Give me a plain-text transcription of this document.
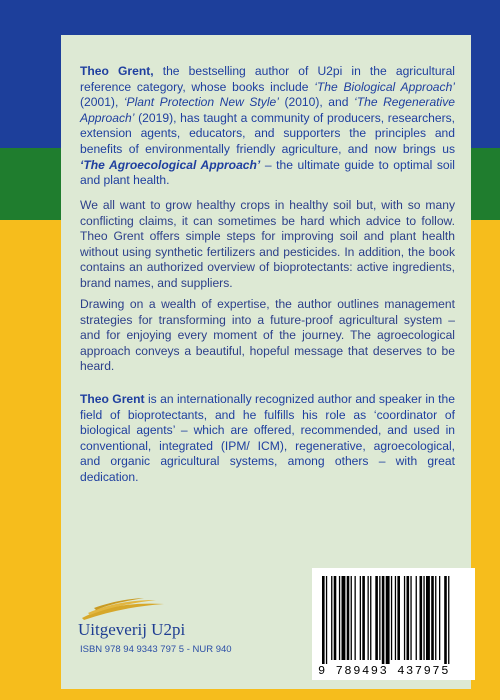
Theo Grent, the bestselling author of U2pi in the agricultural reference category, whose books include ‘The Biological Approach’ (2001), ‘Plant Protection New Style’ (2010), and ‘The Regenerative Approach’ (2019), has taught a community of producers, researchers, extension agents, educators, and supporters the principles and benefits of environmentally friendly agriculture, and now brings us ‘The Agroecological Approach’ – the ultimate guide to optimal soil and plant health.

We all want to grow healthy crops in healthy soil but, with so many conflicting claims, it can sometimes be hard which advice to follow. Theo Grent offers simple steps for improving soil and plant health without using synthetic fertilizers and pesticides. In addition, the book contains an authorized overview of bioprotectants: active ingredients, brand names, and suppliers.

Drawing on a wealth of expertise, the author outlines management strategies for transforming into a future-proof agricultural system – and for enjoying every moment of the journey. The agroecological approach conveys a beautiful, hopeful message that deserves to be heard.

Theo Grent is an internationally recognized author and speaker in the field of bioprotectants, and he fulfills his role as ‘coordinator of biological agents’ – which are offered, recommended, and used in conventional, integrated (IPM/ ICM), regenerative, agroecological, and organic agricultural systems, among others – with great dedication.

Uitgeverij U2pi
ISBN 978 94 9343 797 5 - NUR 940
9 789493 437975
